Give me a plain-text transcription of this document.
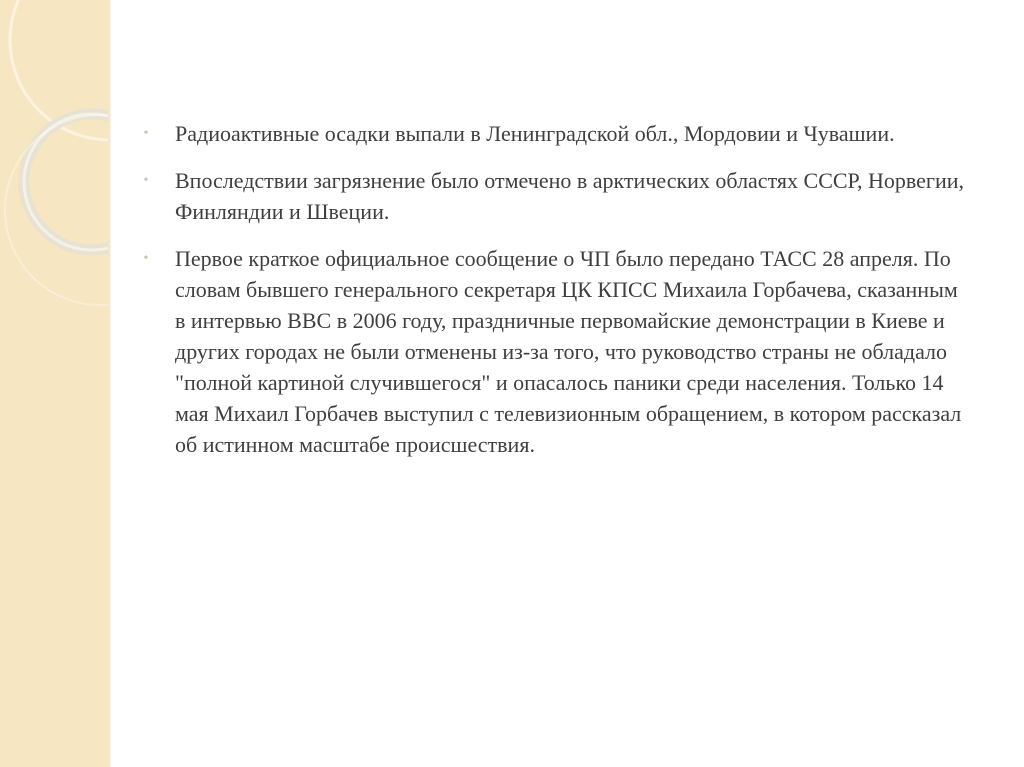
• Радиоактивные осадки выпали в Ленинградской обл., Мордовии и Чувашии.
• Впоследствии загрязнение было отмечено в арктических областях СССР, Норвегии, Финляндии и Швеции.
• Первое краткое официальное сообщение о ЧП было передано ТАСС 28 апреля. По словам бывшего генерального секретаря ЦК КПСС Михаила Горбачева, сказанным в интервью BBC в 2006 году, праздничные первомайские демонстрации в Киеве и других городах не были отменены из-за того, что руководство страны не обладало "полной картиной случившегося" и опасалось паники среди населения. Только 14 мая Михаил Горбачев выступил с телевизионным обращением, в котором рассказал об истинном масштабе происшествия.
